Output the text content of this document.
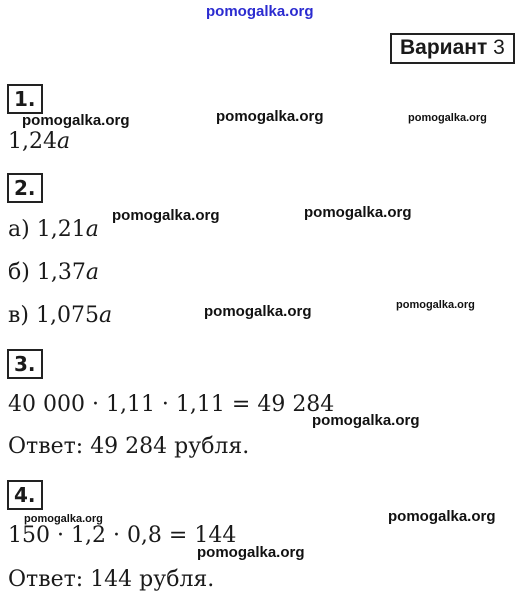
pomogalka.org
Вариант 3
1.
pomogalka.org	pomogalka.org	pomogalka.org
1,24a
2.
pomogalka.org	pomogalka.org
а) 1,21a
б) 1,37a
pomogalka.org
pomogalka.org
в) 1,075a
3.
40 000 · 1,11 · 1,11 = 49 284
pomogalka.org
Ответ: 49 284 рубля.
4.
pomogalka.org	pomogalka.org
150 · 1,2 · 0,8 = 144
pomogalka.org
Ответ: 144 рубля.
